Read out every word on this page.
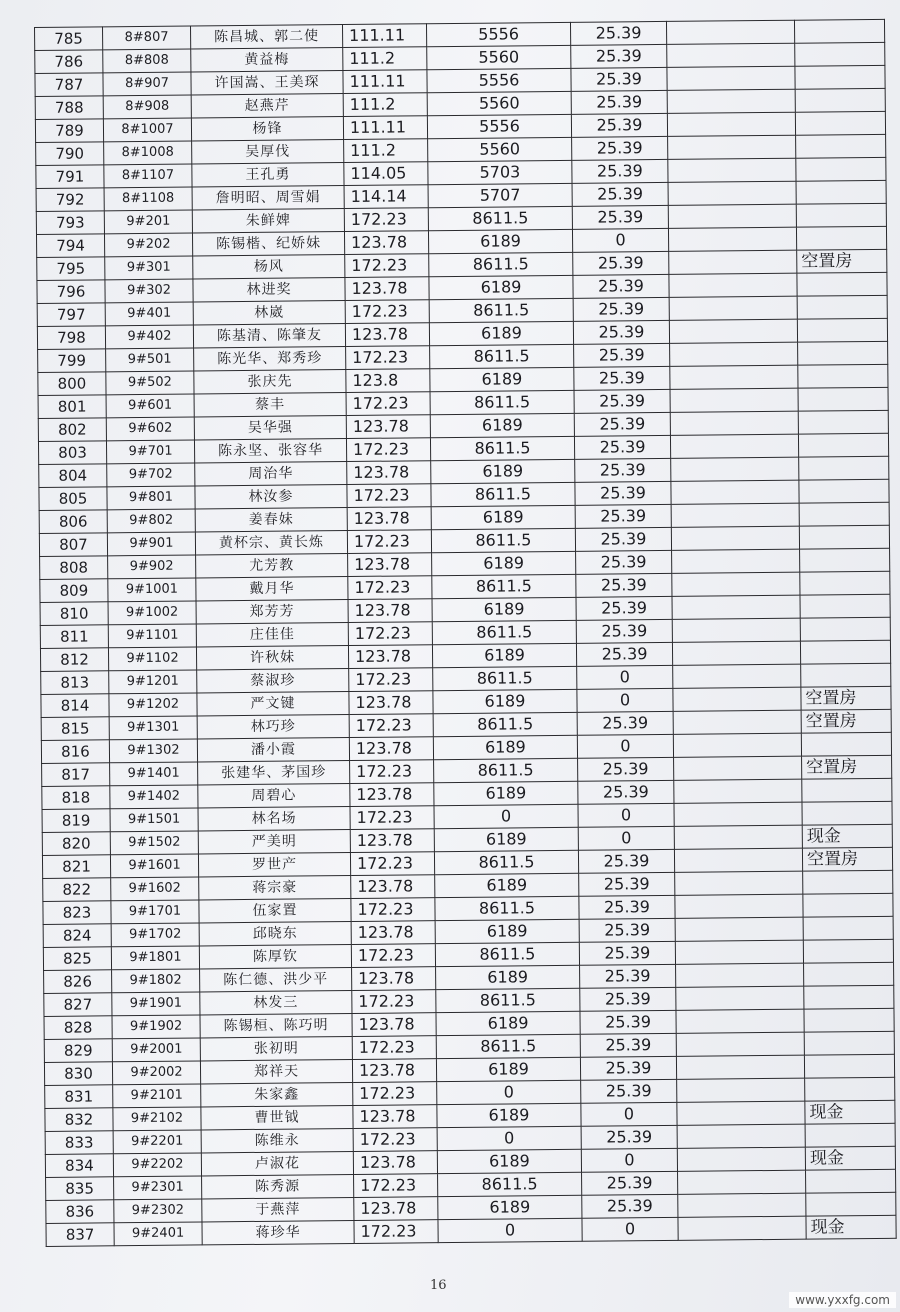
785	8#807	陈昌城、郭二使	111.11	5556	25.39		
786	8#808	黄益梅	111.2	5560	25.39		
787	8#907	许国嵩、王美琛	111.11	5556	25.39		
788	8#908	赵燕芹	111.2	5560	25.39		
789	8#1007	杨锋	111.11	5556	25.39		
790	8#1008	吴厚伐	111.2	5560	25.39		
791	8#1107	王孔勇	114.05	5703	25.39		
792	8#1108	詹明昭、周雪娟	114.14	5707	25.39		
793	9#201	朱鲜婢	172.23	8611.5	25.39		
794	9#202	陈锡楷、纪娇妹	123.78	6189	0		
795	9#301	杨风	172.23	8611.5	25.39		空置房
796	9#302	林进奖	123.78	6189	25.39		
797	9#401	林崴	172.23	8611.5	25.39		
798	9#402	陈基清、陈肇友	123.78	6189	25.39		
799	9#501	陈光华、郑秀珍	172.23	8611.5	25.39		
800	9#502	张庆先	123.8	6189	25.39		
801	9#601	蔡丰	172.23	8611.5	25.39		
802	9#602	吴华强	123.78	6189	25.39		
803	9#701	陈永坚、张容华	172.23	8611.5	25.39		
804	9#702	周治华	123.78	6189	25.39		
805	9#801	林汝参	172.23	8611.5	25.39		
806	9#802	姜春妹	123.78	6189	25.39		
807	9#901	黄杯宗、黄长炼	172.23	8611.5	25.39		
808	9#902	尤芳教	123.78	6189	25.39		
809	9#1001	戴月华	172.23	8611.5	25.39		
810	9#1002	郑芳芳	123.78	6189	25.39		
811	9#1101	庄佳佳	172.23	8611.5	25.39		
812	9#1102	许秋妹	123.78	6189	25.39		
813	9#1201	蔡淑珍	172.23	8611.5	0		
814	9#1202	严文键	123.78	6189	0		空置房
815	9#1301	林巧珍	172.23	8611.5	25.39		空置房
816	9#1302	潘小霞	123.78	6189	0		
817	9#1401	张建华、茅国珍	172.23	8611.5	25.39		空置房
818	9#1402	周碧心	123.78	6189	25.39		
819	9#1501	林名场	172.23	0	0		
820	9#1502	严美明	123.78	6189	0		现金
821	9#1601	罗世产	172.23	8611.5	25.39		空置房
822	9#1602	蒋宗豪	123.78	6189	25.39		
823	9#1701	伍家置	172.23	8611.5	25.39		
824	9#1702	邱晓东	123.78	6189	25.39		
825	9#1801	陈厚钦	172.23	8611.5	25.39		
826	9#1802	陈仁德、洪少平	123.78	6189	25.39		
827	9#1901	林发三	172.23	8611.5	25.39		
828	9#1902	陈锡桓、陈巧明	123.78	6189	25.39		
829	9#2001	张初明	172.23	8611.5	25.39		
830	9#2002	郑祥天	123.78	6189	25.39		
831	9#2101	朱家鑫	172.23	0	25.39		
832	9#2102	曹世钺	123.78	6189	0		现金
833	9#2201	陈维永	172.23	0	25.39		
834	9#2202	卢淑花	123.78	6189	0		现金
835	9#2301	陈秀源	172.23	8611.5	25.39		
836	9#2302	于燕萍	123.78	6189	25.39		
837	9#2401	蒋珍华	172.23	0	0		现金
16
www.yxxfg.com
